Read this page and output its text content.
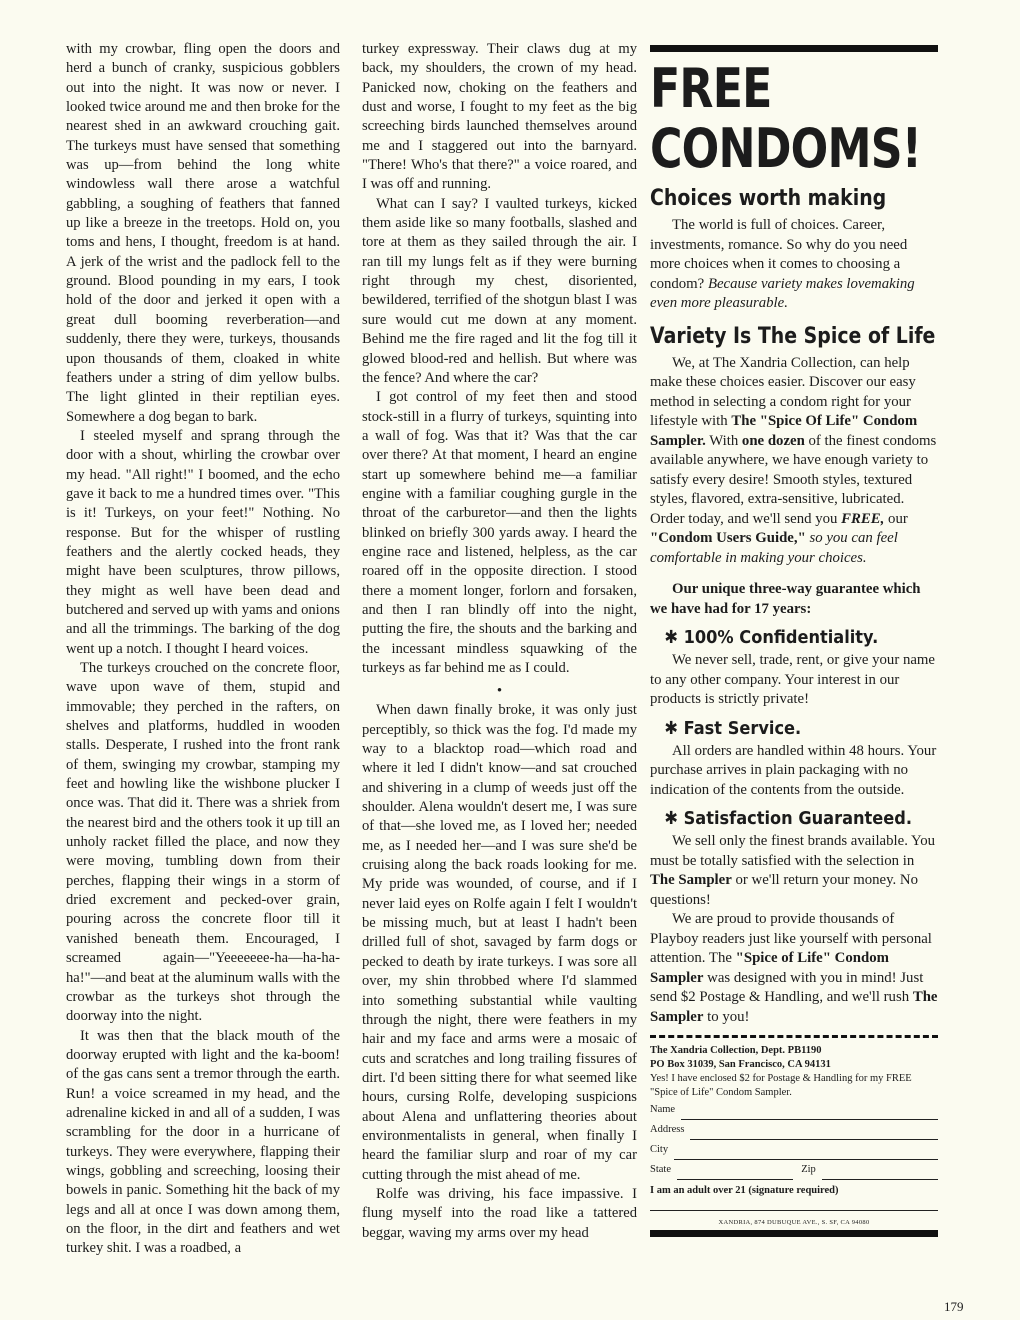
with my crowbar, fling open the doors and herd a bunch of cranky, suspicious gobblers out into the night. It was now or never. I looked twice around me and then broke for the nearest shed in an awkward crouching gait. The turkeys must have sensed that something was up—from behind the long white windowless wall there arose a watchful gabbling, a soughing of feathers that fanned up like a breeze in the treetops. Hold on, you toms and hens, I thought, freedom is at hand. A jerk of the wrist and the padlock fell to the ground. Blood pounding in my ears, I took hold of the door and jerked it open with a great dull booming reverberation—and suddenly, there they were, turkeys, thousands upon thousands of them, cloaked in white feathers under a string of dim yellow bulbs. The light glinted in their reptilian eyes. Somewhere a dog began to bark.

I steeled myself and sprang through the door with a shout, whirling the crowbar over my head. "All right!" I boomed, and the echo gave it back to me a hundred times over. "This is it! Turkeys, on your feet!" Nothing. No response. But for the whisper of rustling feathers and the alertly cocked heads, they might have been sculptures, throw pillows, they might as well have been dead and butchered and served up with yams and onions and all the trimmings. The barking of the dog went up a notch. I thought I heard voices.

The turkeys crouched on the concrete floor, wave upon wave of them, stupid and immovable; they perched in the rafters, on shelves and platforms, huddled in wooden stalls. Desperate, I rushed into the front rank of them, swinging my crowbar, stamping my feet and howling like the wishbone plucker I once was. That did it. There was a shriek from the nearest bird and the others took it up till an unholy racket filled the place, and now they were moving, tumbling down from their perches, flapping their wings in a storm of dried excrement and pecked-over grain, pouring across the concrete floor till it vanished beneath them. Encouraged, I screamed again—"Yeeeeeee-ha—ha-ha-ha!"—and beat at the aluminum walls with the crowbar as the turkeys shot through the doorway into the night.

It was then that the black mouth of the doorway erupted with light and the ka-boom! of the gas cans sent a tremor through the earth. Run! a voice screamed in my head, and the adrenaline kicked in and all of a sudden, I was scrambling for the door in a hurricane of turkeys. They were everywhere, flapping their wings, gobbling and screeching, loosing their bowels in panic. Something hit the back of my legs and all at once I was down among them, on the floor, in the dirt and feathers and wet turkey shit. I was a roadbed, a

turkey expressway. Their claws dug at my back, my shoulders, the crown of my head. Panicked now, choking on the feathers and dust and worse, I fought to my feet as the big screeching birds launched themselves around me and I staggered out into the barnyard. "There! Who's that there?" a voice roared, and I was off and running.

What can I say? I vaulted turkeys, kicked them aside like so many footballs, slashed and tore at them as they sailed through the air. I ran till my lungs felt as if they were burning right through my chest, disoriented, bewildered, terrified of the shotgun blast I was sure would cut me down at any moment. Behind me the fire raged and lit the fog till it glowed blood-red and hellish. But where was the fence? And where the car?

I got control of my feet then and stood stock-still in a flurry of turkeys, squinting into a wall of fog. Was that it? Was that the car over there? At that moment, I heard an engine start up somewhere behind me—a familiar engine with a familiar coughing gurgle in the throat of the carburetor—and then the lights blinked on briefly 300 yards away. I heard the engine race and listened, helpless, as the car roared off in the opposite direction. I stood there a moment longer, forlorn and forsaken, and then I ran blindly off into the night, putting the fire, the shouts and the barking and the incessant mindless squawking of the turkeys as far behind me as I could.

•

When dawn finally broke, it was only just perceptibly, so thick was the fog. I'd made my way to a blacktop road—which road and where it led I didn't know—and sat crouched and shivering in a clump of weeds just off the shoulder. Alena wouldn't desert me, I was sure of that—she loved me, as I loved her; needed me, as I needed her—and I was sure she'd be cruising along the back roads looking for me. My pride was wounded, of course, and if I never laid eyes on Rolfe again I felt I wouldn't be missing much, but at least I hadn't been drilled full of shot, savaged by farm dogs or pecked to death by irate turkeys. I was sore all over, my shin throbbed where I'd slammed into something substantial while vaulting through the night, there were feathers in my hair and my face and arms were a mosaic of cuts and scratches and long trailing fissures of dirt. I'd been sitting there for what seemed like hours, cursing Rolfe, developing suspicions about Alena and unflattering theories about environmentalists in general, when finally I heard the familiar slurp and roar of my car cutting through the mist ahead of me.

Rolfe was driving, his face impassive. I flung myself into the road like a tattered beggar, waving my arms over my head

FREE

CONDOMS!

Choices worth making

The world is full of choices. Career, investments, romance. So why do you need more choices when it comes to choosing a condom? Because variety makes lovemaking even more pleasurable.

Variety Is The Spice of Life

We, at The Xandria Collection, can help make these choices easier. Discover our easy method in selecting a condom right for your lifestyle with The "Spice Of Life" Condom Sampler. With one dozen of the finest condoms available anywhere, we have enough variety to satisfy every desire! Smooth styles, textured styles, flavored, extra-sensitive, lubricated. Order today, and we'll send you FREE, our "Condom Users Guide," so you can feel comfortable in making your choices.

Our unique three-way guarantee which we have had for 17 years:

✱ 100% Confidentiality.

We never sell, trade, rent, or give your name to any other company. Your interest in our products is strictly private!

✱ Fast Service.

All orders are handled within 48 hours. Your purchase arrives in plain packaging with no indication of the contents from the outside.

✱ Satisfaction Guaranteed.

We sell only the finest brands available. You must be totally satisfied with the selection in The Sampler or we'll return your money. No questions!

We are proud to provide thousands of Playboy readers just like yourself with personal attention. The "Spice of Life" Condom Sampler was designed with you in mind! Just send $2 Postage & Handling, and we'll rush The Sampler to you!

The Xandria Collection, Dept. PB1190

PO Box 31039, San Francisco, CA 94131

Yes! I have enclosed $2 for Postage & Handling for my FREE "Spice of Life" Condom Sampler.

Name

Address

City

State	Zip

I am an adult over 21 (signature required)

XANDRIA, 874 DUBUQUE AVE., S. SF, CA 94080
179
